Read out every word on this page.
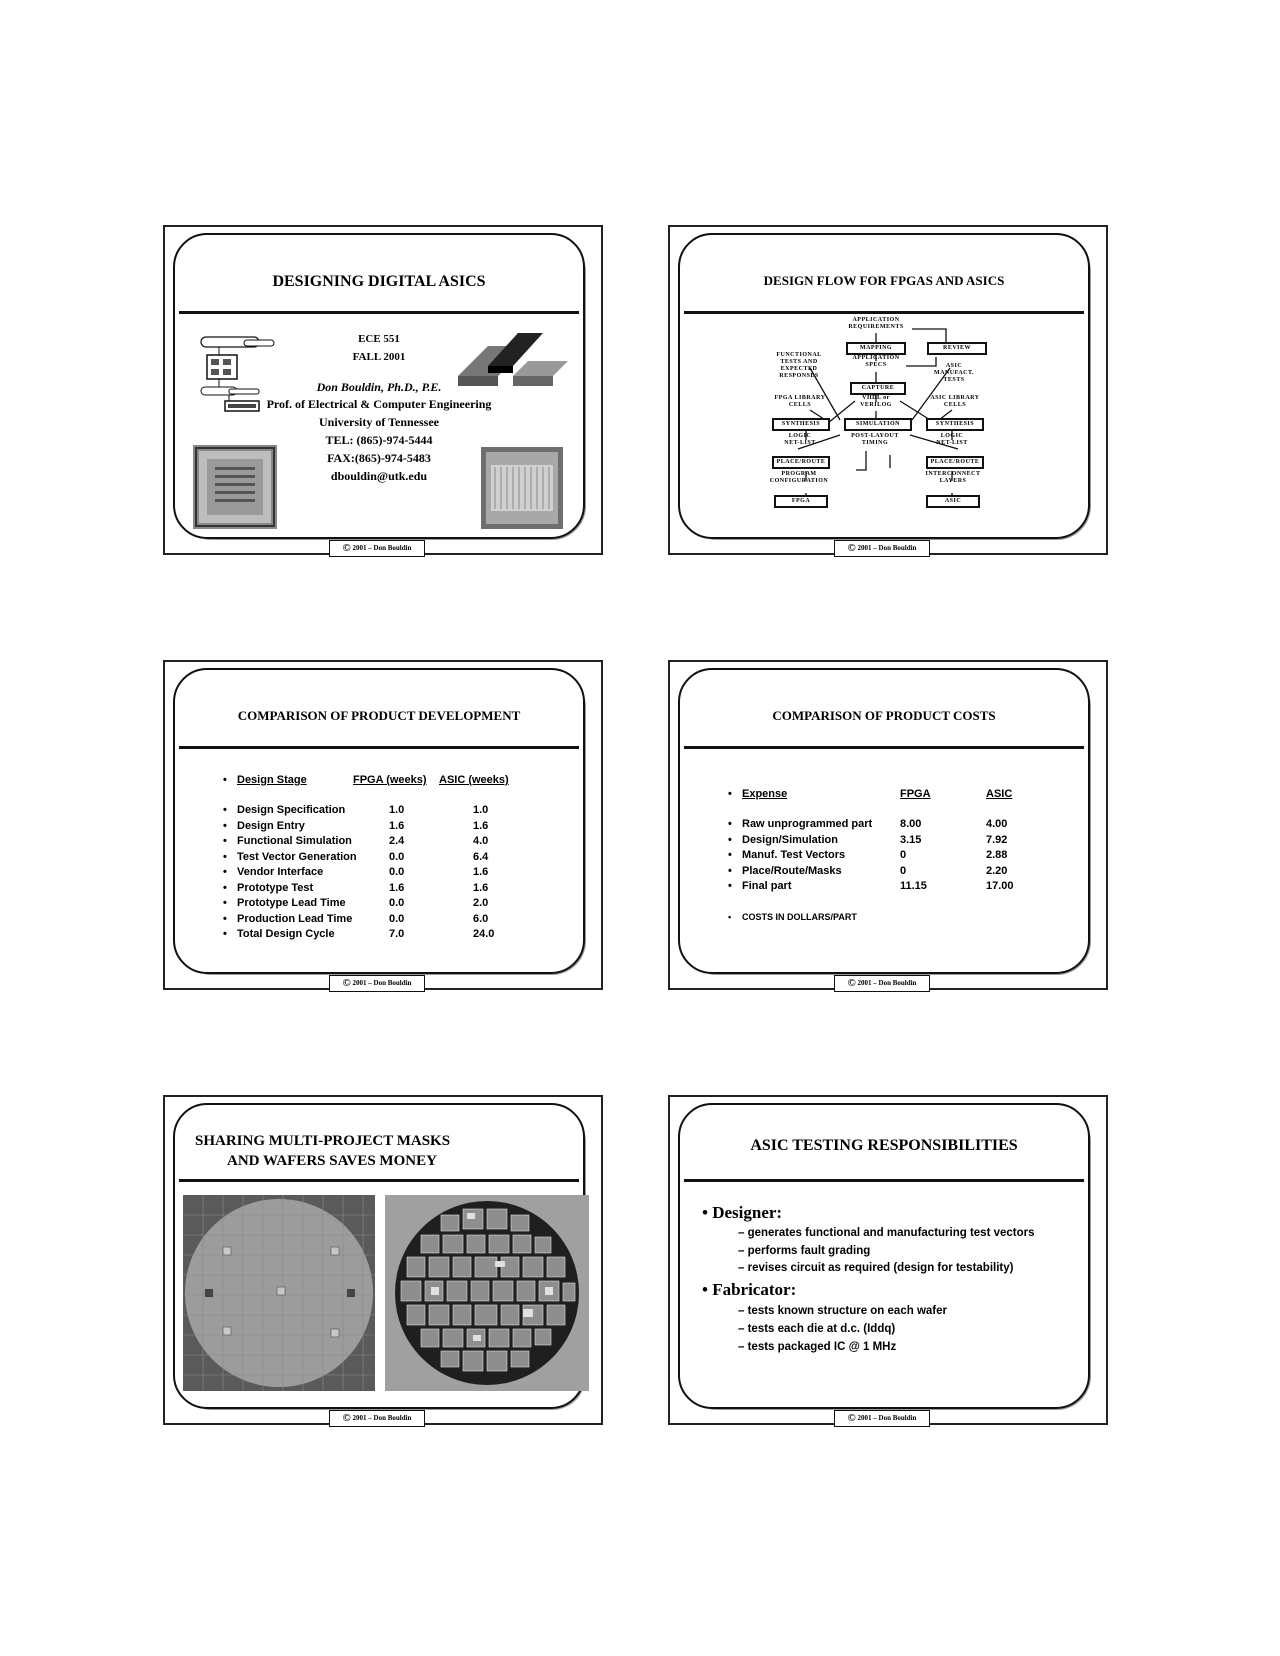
DESIGNING DIGITAL ASICS
ECE 551
FALL 2001
Don Bouldin, Ph.D., P.E.
Prof. of Electrical & Computer Engineering
University of Tennessee
TEL: (865)-974-5444
FAX:(865)-974-5483
dbouldin@utk.edu
© 2001 – Don Bouldin
DESIGN FLOW FOR FPGAS AND ASICS
APPLICATION REQUIREMENTS
MAPPING	REVIEW
FUNCTIONAL TESTS AND EXPECTED RESPONSES
APPLICATION SPECS	ASIC MANUFACT. TESTS
CAPTURE
FPGA LIBRARY CELLS
VHDL or VERILOG
ASIC LIBRARY CELLS
SYNTHESIS	SIMULATION	SYNTHESIS
LOGIC NET-LIST
POST-LAYOUT TIMING
LOGIC NET-LIST
PLACE/ROUTE	PLACE/ROUTE
PROGRAM CONFIGURATION
INTERCONNECT LAYERS
FPGA	ASIC
© 2001 – Don Bouldin
COMPARISON OF PRODUCT DEVELOPMENT
• Design Stage	FPGA (weeks) ASIC (weeks)
• Design Specification	1.0	1.0
• Design Entry	1.6	1.6
• Functional Simulation	2.4	4.0
• Test Vector Generation	0.0	6.4
• Vendor Interface	0.0	1.6
• Prototype Test	1.6	1.6
• Prototype Lead Time	0.0	2.0
• Production Lead Time	0.0	6.0
• Total Design Cycle	7.0	24.0
© 2001 – Don Bouldin
COMPARISON OF PRODUCT COSTS
• Expense	FPGA	ASIC
• Raw unprogrammed part	8.00	4.00
• Design/Simulation	3.15	7.92
• Manuf. Test Vectors	0	2.88
• Place/Route/Masks	0	2.20
• Final part	11.15	17.00
• COSTS IN DOLLARS/PART
© 2001 – Don Bouldin
SHARING MULTI-PROJECT MASKS
AND WAFERS SAVES MONEY
© 2001 – Don Bouldin
ASIC TESTING RESPONSIBILITIES
• Designer:
– generates functional and manufacturing test vectors
– performs fault grading
– revises circuit as required (design for testability)
• Fabricator:
– tests known structure on each wafer
– tests each die at d.c. (Iddq)
– tests packaged IC @ 1 MHz
© 2001 – Don Bouldin
